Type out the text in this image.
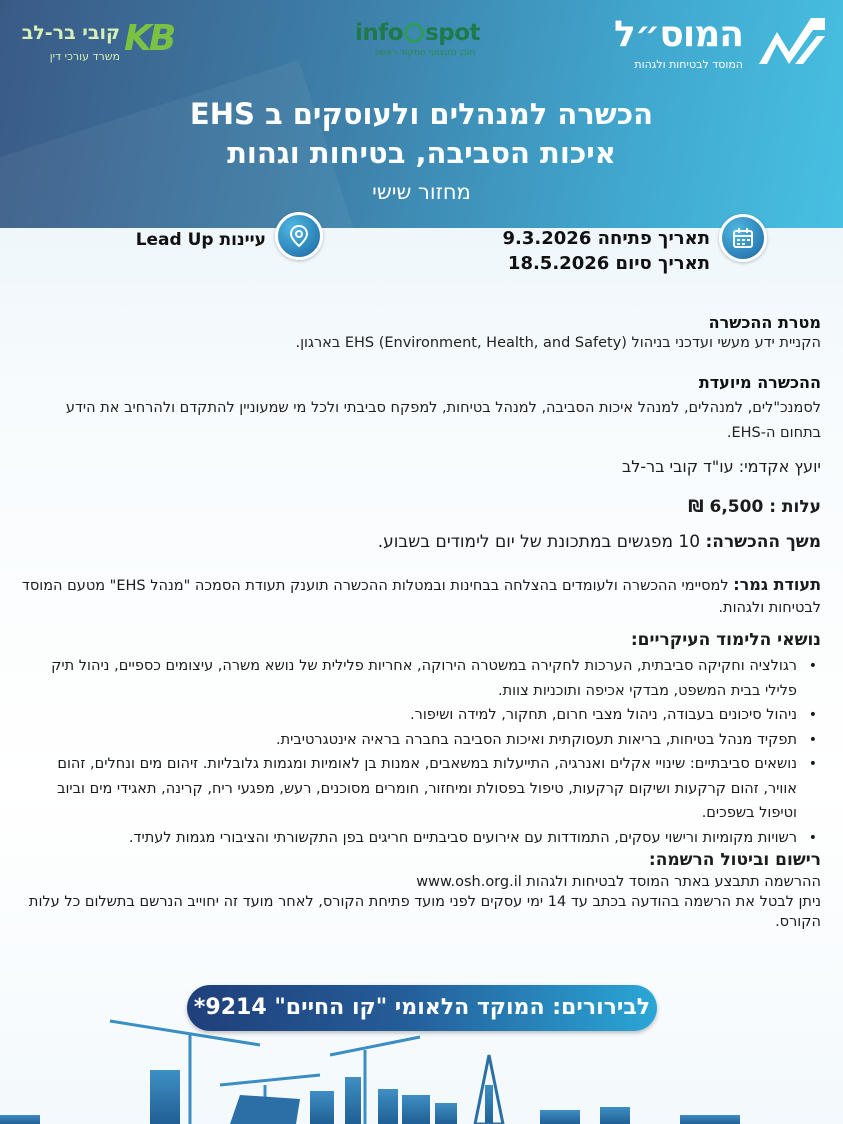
המוס״ל
המוסד לבטיחות ולגהות
info spot
תוכן מקצועי ממקור ראשון
KB
קובי בר-לב
משרד עורכי דין
הכשרה למנהלים ולעוסקים ב EHS
איכות הסביבה, בטיחות וגהות
מחזור שישי
תאריך פתיחה 9.3.2026
תאריך סיום 18.5.2026
עיינות Lead Up
מטרת ההכשרה
הקניית ידע מעשי ועדכני בניהול EHS (Environment, Health, and Safety) בארגון.
ההכשרה מיועדת
לסמנכ"לים, למנהלים, למנהל איכות הסביבה, למנהל בטיחות, למפקח סביבתי ולכל מי שמעוניין להתקדם ולהרחיב את הידע בתחום ה-EHS.
יועץ אקדמי: עו"ד קובי בר-לב
עלות : 6,500 ₪
משך ההכשרה: 10 מפגשים במתכונת של יום לימודים בשבוע.
תעודת גמר: למסיימי ההכשרה ולעומדים בהצלחה בבחינות ובמטלות ההכשרה תוענק תעודת הסמכה "מנהל EHS" מטעם המוסד לבטיחות ולגהות.
נושאי הלימוד העיקריים:
• רגולציה וחקיקה סביבתית, הערכות לחקירה במשטרה הירוקה, אחריות פלילית של נושא משרה, עיצומים כספיים, ניהול תיק פלילי בבית המשפט, מבדקי אכיפה ותוכניות צוות.
• ניהול סיכונים בעבודה, ניהול מצבי חרום, תחקור, למידה ושיפור.
• תפקיד מנהל בטיחות, בריאות תעסוקתית ואיכות הסביבה בחברה בראיה אינטגרטיבית.
• נושאים סביבתיים: שינויי אקלים ואנרגיה, התייעלות במשאבים, אמנות בן לאומיות ומגמות גלובליות. זיהום מים ונחלים, זהום אוויר, זהום קרקעות ושיקום קרקעות, טיפול בפסולת ומיחזור, חומרים מסוכנים, רעש, מפגעי ריח, קרינה, תאגידי מים וביוב וטיפול בשפכים.
• רשויות מקומיות ורישוי עסקים, התמודדות עם אירועים סביבתיים חריגים בפן התקשורתי והציבורי מגמות לעתיד.
רישום וביטול הרשמה:
ההרשמה תתבצע באתר המוסד לבטיחות ולגהות www.osh.org.il
ניתן לבטל את הרשמה בהודעה בכתב עד 14 ימי עסקים לפני מועד פתיחת הקורס, לאחר מועד זה יחוייב הנרשם בתשלום כל עלות הקורס.
לבירורים: המוקד הלאומי "קו החיים" 9214*
